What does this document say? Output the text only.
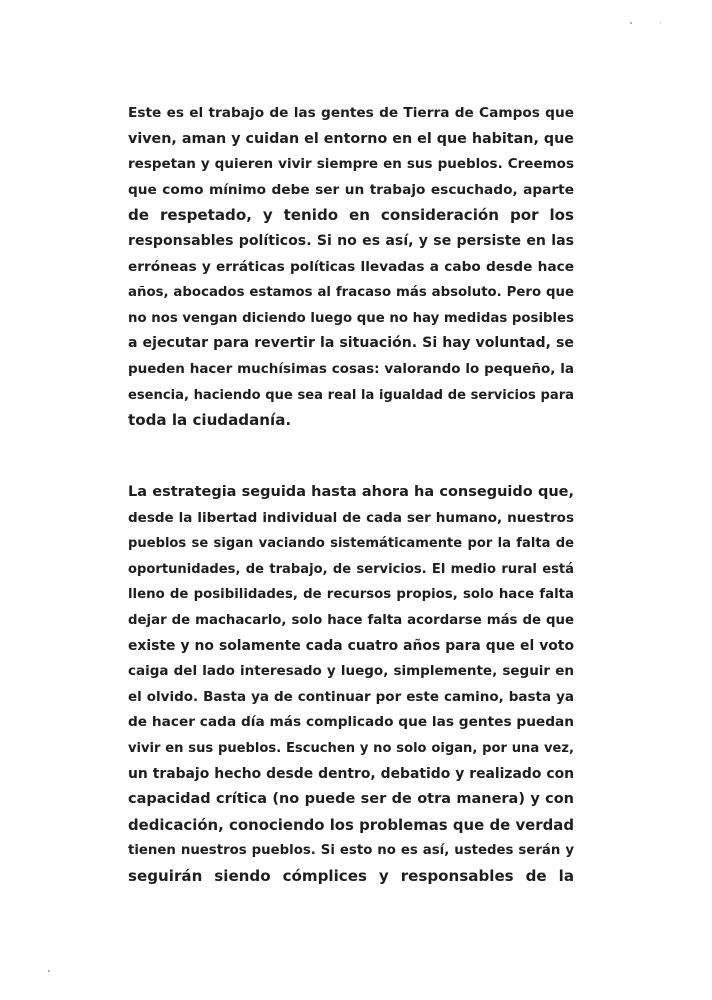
Este es el trabajo de las gentes de Tierra de Campos que
viven, aman y cuidan el entorno en el que habitan, que
respetan y quieren vivir siempre en sus pueblos. Creemos
que como mínimo debe ser un trabajo escuchado, aparte
de respetado, y tenido en consideración por los
responsables políticos. Si no es así, y se persiste en las
erróneas y erráticas políticas llevadas a cabo desde hace
años, abocados estamos al fracaso más absoluto. Pero que
no nos vengan diciendo luego que no hay medidas posibles
a ejecutar para revertir la situación. Si hay voluntad, se
pueden hacer muchísimas cosas: valorando lo pequeño, la
esencia, haciendo que sea real la igualdad de servicios para
toda la ciudadanía.
La estrategia seguida hasta ahora ha conseguido que,
desde la libertad individual de cada ser humano, nuestros
pueblos se sigan vaciando sistemáticamente por la falta de
oportunidades, de trabajo, de servicios. El medio rural está
lleno de posibilidades, de recursos propios, solo hace falta
dejar de machacarlo, solo hace falta acordarse más de que
existe y no solamente cada cuatro años para que el voto
caiga del lado interesado y luego, simplemente, seguir en
el olvido. Basta ya de continuar por este camino, basta ya
de hacer cada día más complicado que las gentes puedan
vivir en sus pueblos. Escuchen y no solo oigan, por una vez,
un trabajo hecho desde dentro, debatido y realizado con
capacidad crítica (no puede ser de otra manera) y con
dedicación, conociendo los problemas que de verdad
tienen nuestros pueblos. Si esto no es así, ustedes serán y
seguirán siendo cómplices y responsables de la
